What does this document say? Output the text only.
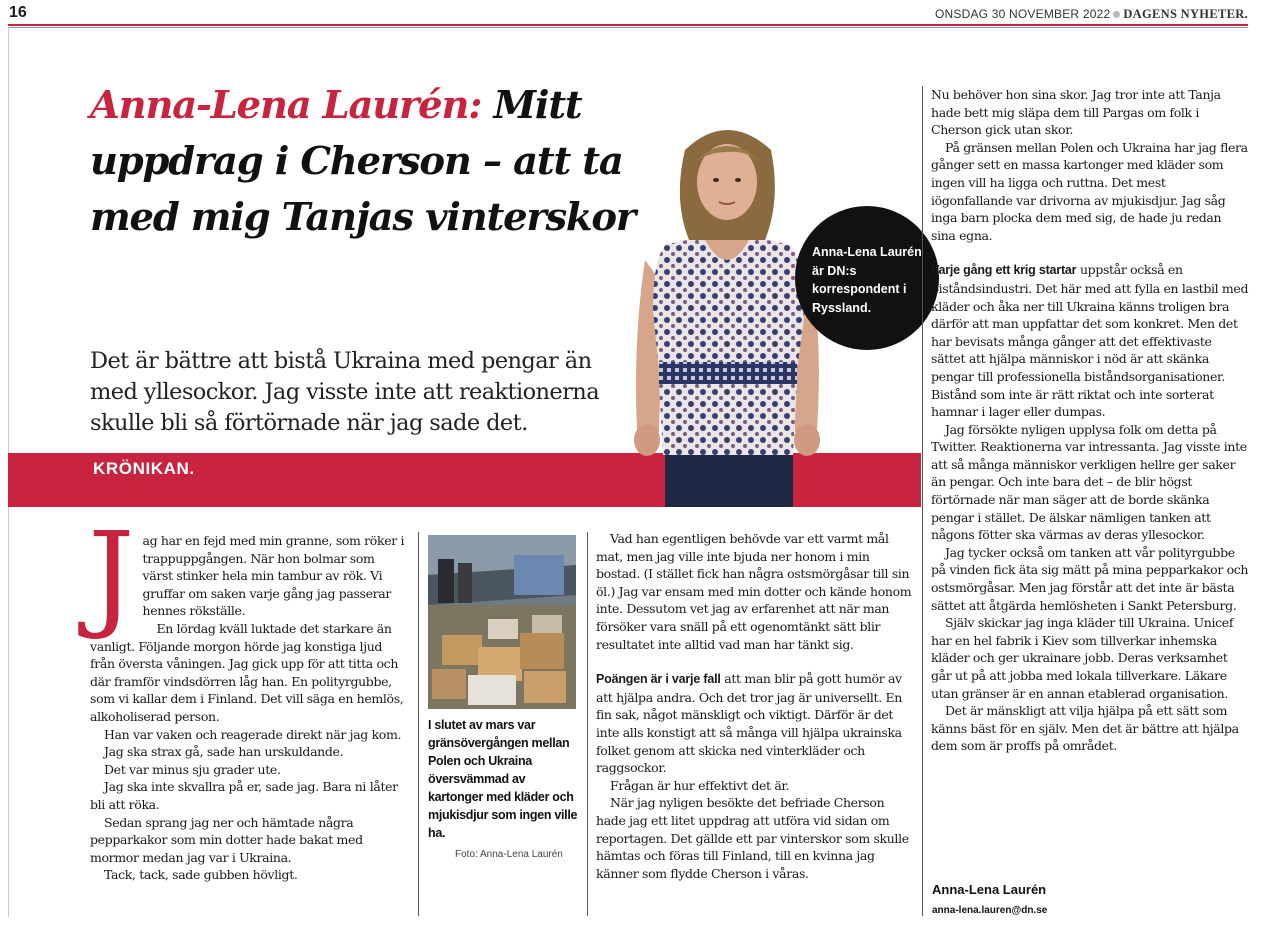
16	ONSDAG 30 NOVEMBER 2022 DAGENS NYHETER.
Anna-Lena Laurén: Mitt uppdrag i Cherson – att ta med mig Tanjas vinterskor

Det är bättre att bistå Ukraina med pengar än med yllesockor. Jag visste inte att reaktionerna skulle bli så förtörnade när jag sade det.

KRÖNIKAN.
Anna-Lena Laurén är DN:s korrespondent i Ryssland.
J ag har en fejd med min granne, som röker i trappuppgången. När hon bolmar som värst stinker hela min tambur av rök. Vi gruffar om saken varje gång jag passerar hennes rökställe.

En lördag kväll luktade det starkare än vanligt. Följande morgon hörde jag konstiga ljud från översta våningen. Jag gick upp för att titta och där framför vindsdörren låg han. En polityrgubbe, som vi kallar dem i Finland. Det vill säga en hemlös, alkoholiserad person.

Han var vaken och reagerade direkt när jag kom.

Jag ska strax gå, sade han urskuldande.

Det var minus sju grader ute.

Jag ska inte skvallra på er, sade jag. Bara ni låter bli att röka.

Sedan sprang jag ner och hämtade några pepparkakor som min dotter hade bakat med mormor medan jag var i Ukraina.

Tack, tack, sade gubben hövligt.

I slutet av mars var gränsövergången mellan Polen och Ukraina översvämmad av kartonger med kläder och mjukisdjur som ingen ville ha.
Foto: Anna-Lena Laurén

Vad han egentligen behövde var ett varmt mål mat, men jag ville inte bjuda ner honom i min bostad. (I stället fick han några ostsmörgåsar till sin öl.) Jag var ensam med min dotter och kände honom inte. Dessutom vet jag av erfarenhet att när man försöker vara snäll på ett ogenomtänkt sätt blir resultatet inte alltid vad man har tänkt sig.

Poängen är i varje fall att man blir på gott humör av att hjälpa andra. Och det tror jag är universellt. En fin sak, något mänskligt och viktigt. Därför är det inte alls konstigt att så många vill hjälpa ukrainska folket genom att skicka ned vinterkläder och raggsockor.

Frågan är hur effektivt det är.

När jag nyligen besökte det befriade Cherson hade jag ett litet uppdrag att utföra vid sidan om reportagen. Det gällde ett par vinterskor som skulle hämtas och föras till Finland, till en kvinna jag känner som flydde Cherson i våras.

Nu behöver hon sina skor. Jag tror inte att Tanja hade bett mig släpa dem till Pargas om folk i Cherson gick utan skor.

På gränsen mellan Polen och Ukraina har jag flera gånger sett en massa kartonger med kläder som ingen vill ha ligga och ruttna. Det mest iögonfallande var drivorna av mjukisdjur. Jag såg inga barn plocka dem med sig, de hade ju redan sina egna.

Varje gång ett krig startar uppstår också en biståndsindustri. Det här med att fylla en lastbil med kläder och åka ner till Ukraina känns troligen bra därför att man uppfattar det som konkret. Men det har bevisats många gånger att det effektivaste sättet att hjälpa människor i nöd är att skänka pengar till professionella biståndsorganisationer. Bistånd som inte är rätt riktat och inte sorterat hamnar i lager eller dumpas.

Jag försökte nyligen upplysa folk om detta på Twitter. Reaktionerna var intressanta. Jag visste inte att så många människor verkligen hellre ger saker än pengar. Och inte bara det – de blir högst förtörnade när man säger att de borde skänka pengar i stället. De älskar nämligen tanken att någons fötter ska värmas av deras yllesockor.

Jag tycker också om tanken att vår polityrgubbe på vinden fick äta sig mätt på mina pepparkakor och ostsmörgåsar. Men jag förstår att det inte är bästa sättet att åtgärda hemlösheten i Sankt Petersburg.

Själv skickar jag inga kläder till Ukraina. Unicef har en hel fabrik i Kiev som tillverkar inhemska kläder och ger ukrainare jobb. Deras verksamhet går ut på att jobba med lokala tillverkare. Läkare utan gränser är en annan etablerad organisation.

Det är mänskligt att vilja hjälpa på ett sätt som känns bäst för en själv. Men det är bättre att hjälpa dem som är proffs på området.

Anna-Lena Laurén
anna-lena.lauren@dn.se
